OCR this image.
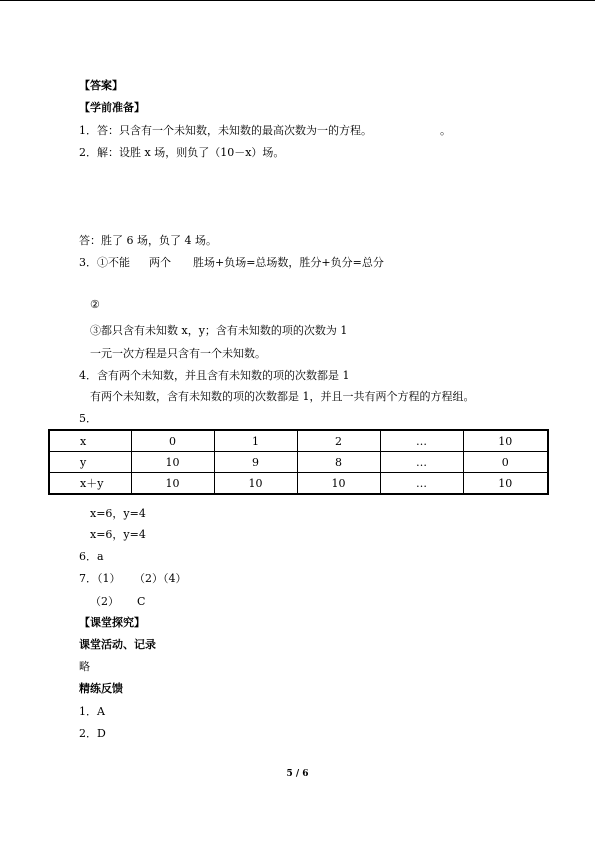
【答案】
【学前准备】
1．答：只含有一个未知数，未知数的最高次数为一的方程。	。
2．解：设胜 x 场，则负了（10－x）场。
答：胜了 6 场，负了 4 场。
3．①不能 两个 胜场+负场=总场数，胜分+负分=总分
②
③都只含有未知数 x，y；含有未知数的项的次数为 1
一元一次方程是只含有一个未知数。
4．含有两个未知数，并且含有未知数的项的次数都是 1
有两个未知数，含有未知数的项的次数都是 1，并且一共有两个方程的方程组。
5．
x	0	1	2	…	10
y	10	9	8	…	0
x＋y	10	10	10	…	10
x=6，y=4
x=6，y=4
6．a
7．（1） （2）（4）
（2） C
【课堂探究】
课堂活动、记录
略
精练反馈
1．A
2．D
5 / 6
